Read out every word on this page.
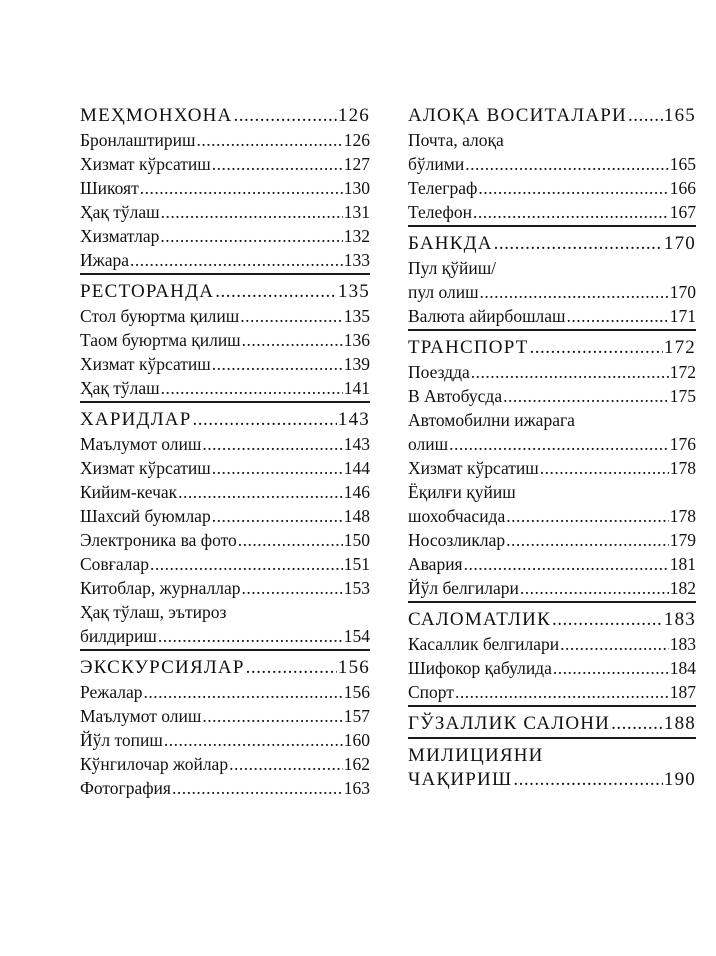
МЕҲМОНХОНА .....	126
Бронлаштириш .....	126
Хизмат кўрсатиш .....	127
Шикоят .....	130
Ҳақ тўлаш .....	131
Хизматлар .....	132
Ижара .....	133
РЕСТОРАНДА .....	135
Стол буюртма қилиш .....	135
Таом буюртма қилиш .....	136
Хизмат кўрсатиш .....	139
Ҳақ тўлаш .....	141
ХАРИДЛАР .....	143
Маълумот олиш .....	143
Хизмат кўрсатиш .....	144
Кийим-кечак .....	146
Шахсий буюмлар .....	148
Электроника ва фото .....	150
Совғалар .....	151
Китоблар, журналлар .....	153
Ҳақ тўлаш, эътироз
билдириш .....	154
ЭКСКУРСИЯЛАР .....	156
Режалар .....	156
Маълумот олиш .....	157
Йўл топиш .....	160
Кўнгилочар жойлар .....	162
Фотография .....	163
АЛОҚА ВОСИТАЛАРИ ..... 165
Почта, алоқа
бўлими .....	165
Телеграф .....	166
Телефон .....	167
БАНКДА .....	170
Пул қўйиш/
пул олиш .....	170
Валюта айирбошлаш .....	171
ТРАНСПОРТ .....	172
Поездда .....	172
В Автобусда .....	175
Автомобилни ижарага
олиш .....	176
Хизмат кўрсатиш .....	178
Ёқилғи қуйиш
шохобчасида .....	178
Носозликлар .....	179
Авария .....	181
Йўл белгилари .....	182
САЛОМАТЛИК .....	183
Касаллик белгилари .....	183
Шифокор қабулида .....	184
Спорт .....	187
ГЎЗАЛЛИК САЛОНИ .....	188
МИЛИЦИЯНИ
ЧАҚИРИШ .....	190
